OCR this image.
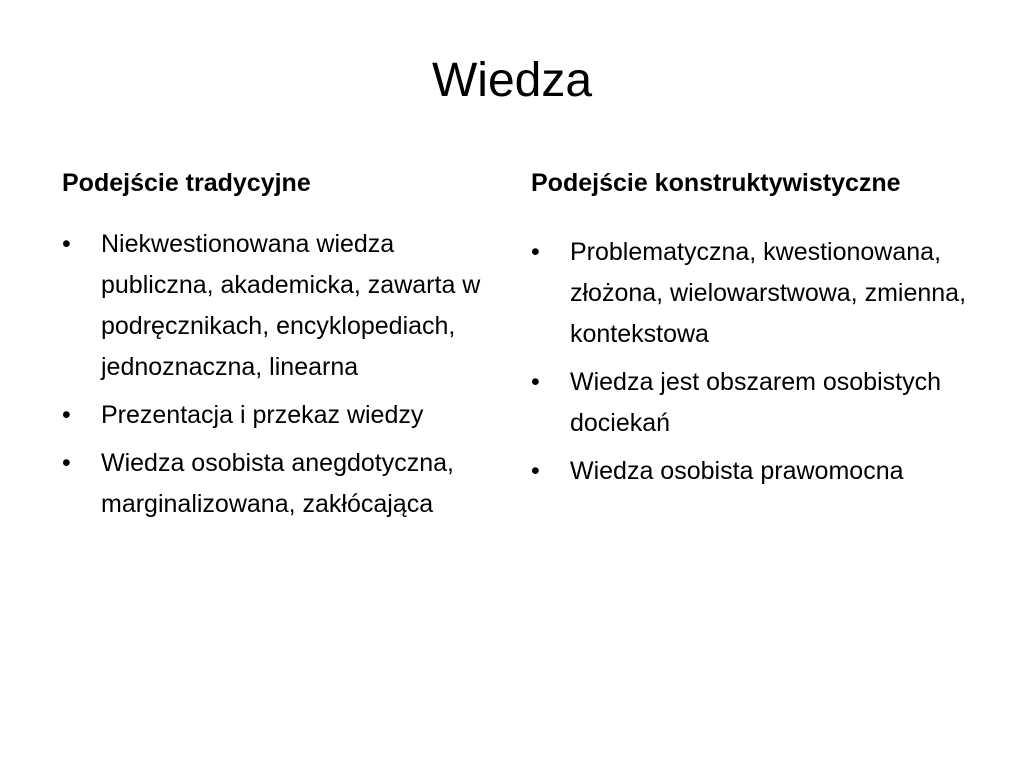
Wiedza
Podejście tradycyjne
•	Niekwestionowana wiedza publiczna, akademicka, zawarta w podręcznikach, encyklopediach, jednoznaczna, linearna
•	Prezentacja i przekaz wiedzy
•	Wiedza osobista anegdotyczna, marginalizowana, zakłócająca
Podejście konstruktywistyczne
•	Problematyczna, kwestionowana, złożona, wielowarstwowa, zmienna, kontekstowa
•	Wiedza jest obszarem osobistych dociekań
•	Wiedza osobista prawomocna
